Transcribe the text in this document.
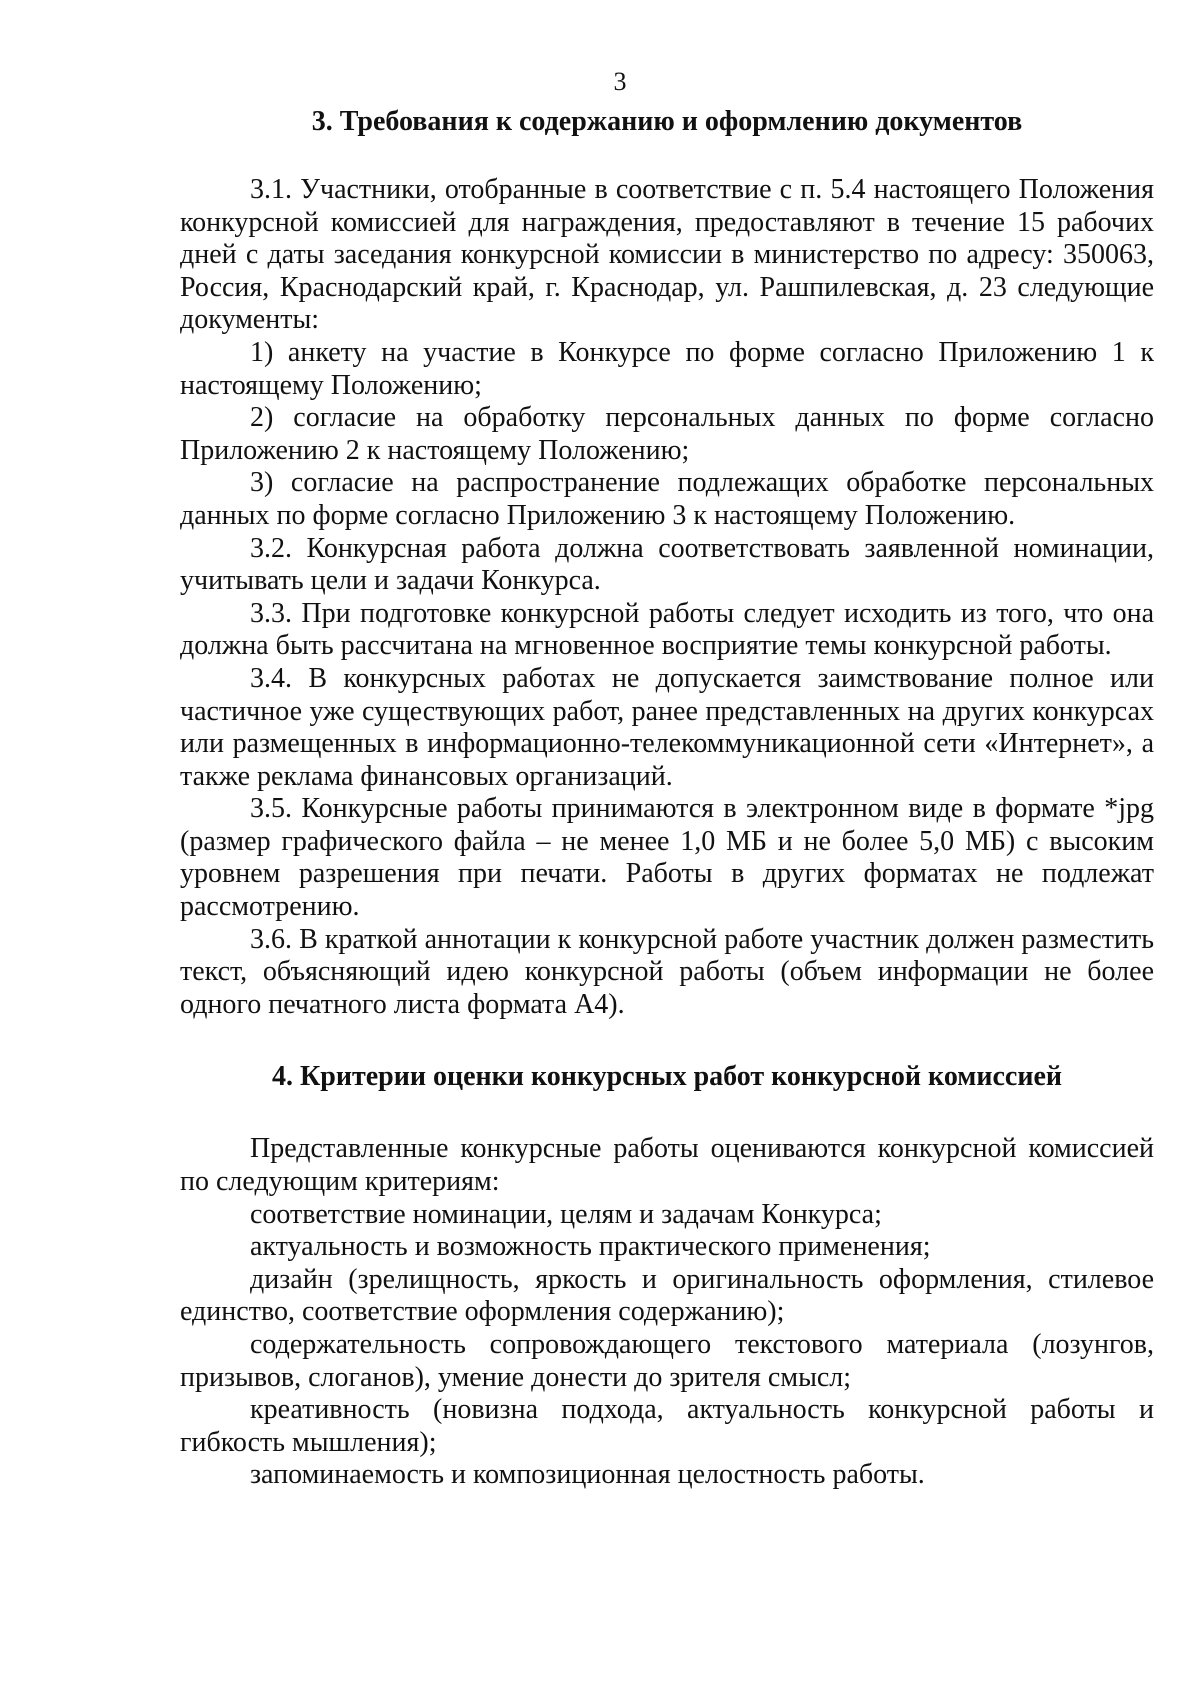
3
3. Требования к содержанию и оформлению документов

3.1. Участники, отобранные в соответствие с п. 5.4 настоящего Положения конкурсной комиссией для награждения, предоставляют в течение 15 рабочих дней с даты заседания конкурсной комиссии в министерство по адресу: 350063, Россия, Краснодарский край, г. Краснодар, ул. Рашпилевская, д. 23 следующие документы:

1) анкету на участие в Конкурсе по форме согласно Приложению 1 к настоящему Положению;

2) согласие на обработку персональных данных по форме согласно Приложению 2 к настоящему Положению;

3) согласие на распространение подлежащих обработке персональных данных по форме согласно Приложению 3 к настоящему Положению.

3.2. Конкурсная работа должна соответствовать заявленной номинации, учитывать цели и задачи Конкурса.

3.3. При подготовке конкурсной работы следует исходить из того, что она должна быть рассчитана на мгновенное восприятие темы конкурсной работы.

3.4. В конкурсных работах не допускается заимствование полное или частичное уже существующих работ, ранее представленных на других конкурсах или размещенных в информационно-телекоммуникационной сети «Интернет», а также реклама финансовых организаций.

3.5. Конкурсные работы принимаются в электронном виде в формате *jpg (размер графического файла – не менее 1,0 МБ и не более 5,0 МБ) с высоким уровнем разрешения при печати. Работы в других форматах не подлежат рассмотрению.

3.6. В краткой аннотации к конкурсной работе участник должен разместить текст, объясняющий идею конкурсной работы (объем информации не более одного печатного листа формата А4).

4. Критерии оценки конкурсных работ конкурсной комиссией

Представленные конкурсные работы оцениваются конкурсной комиссией по следующим критериям:

соответствие номинации, целям и задачам Конкурса;

актуальность и возможность практического применения;

дизайн (зрелищность, яркость и оригинальность оформления, стилевое единство, соответствие оформления содержанию);

содержательность сопровождающего текстового материала (лозунгов, призывов, слоганов), умение донести до зрителя смысл;

креативность (новизна подхода, актуальность конкурсной работы и гибкость мышления);

запоминаемость и композиционная целостность работы.
